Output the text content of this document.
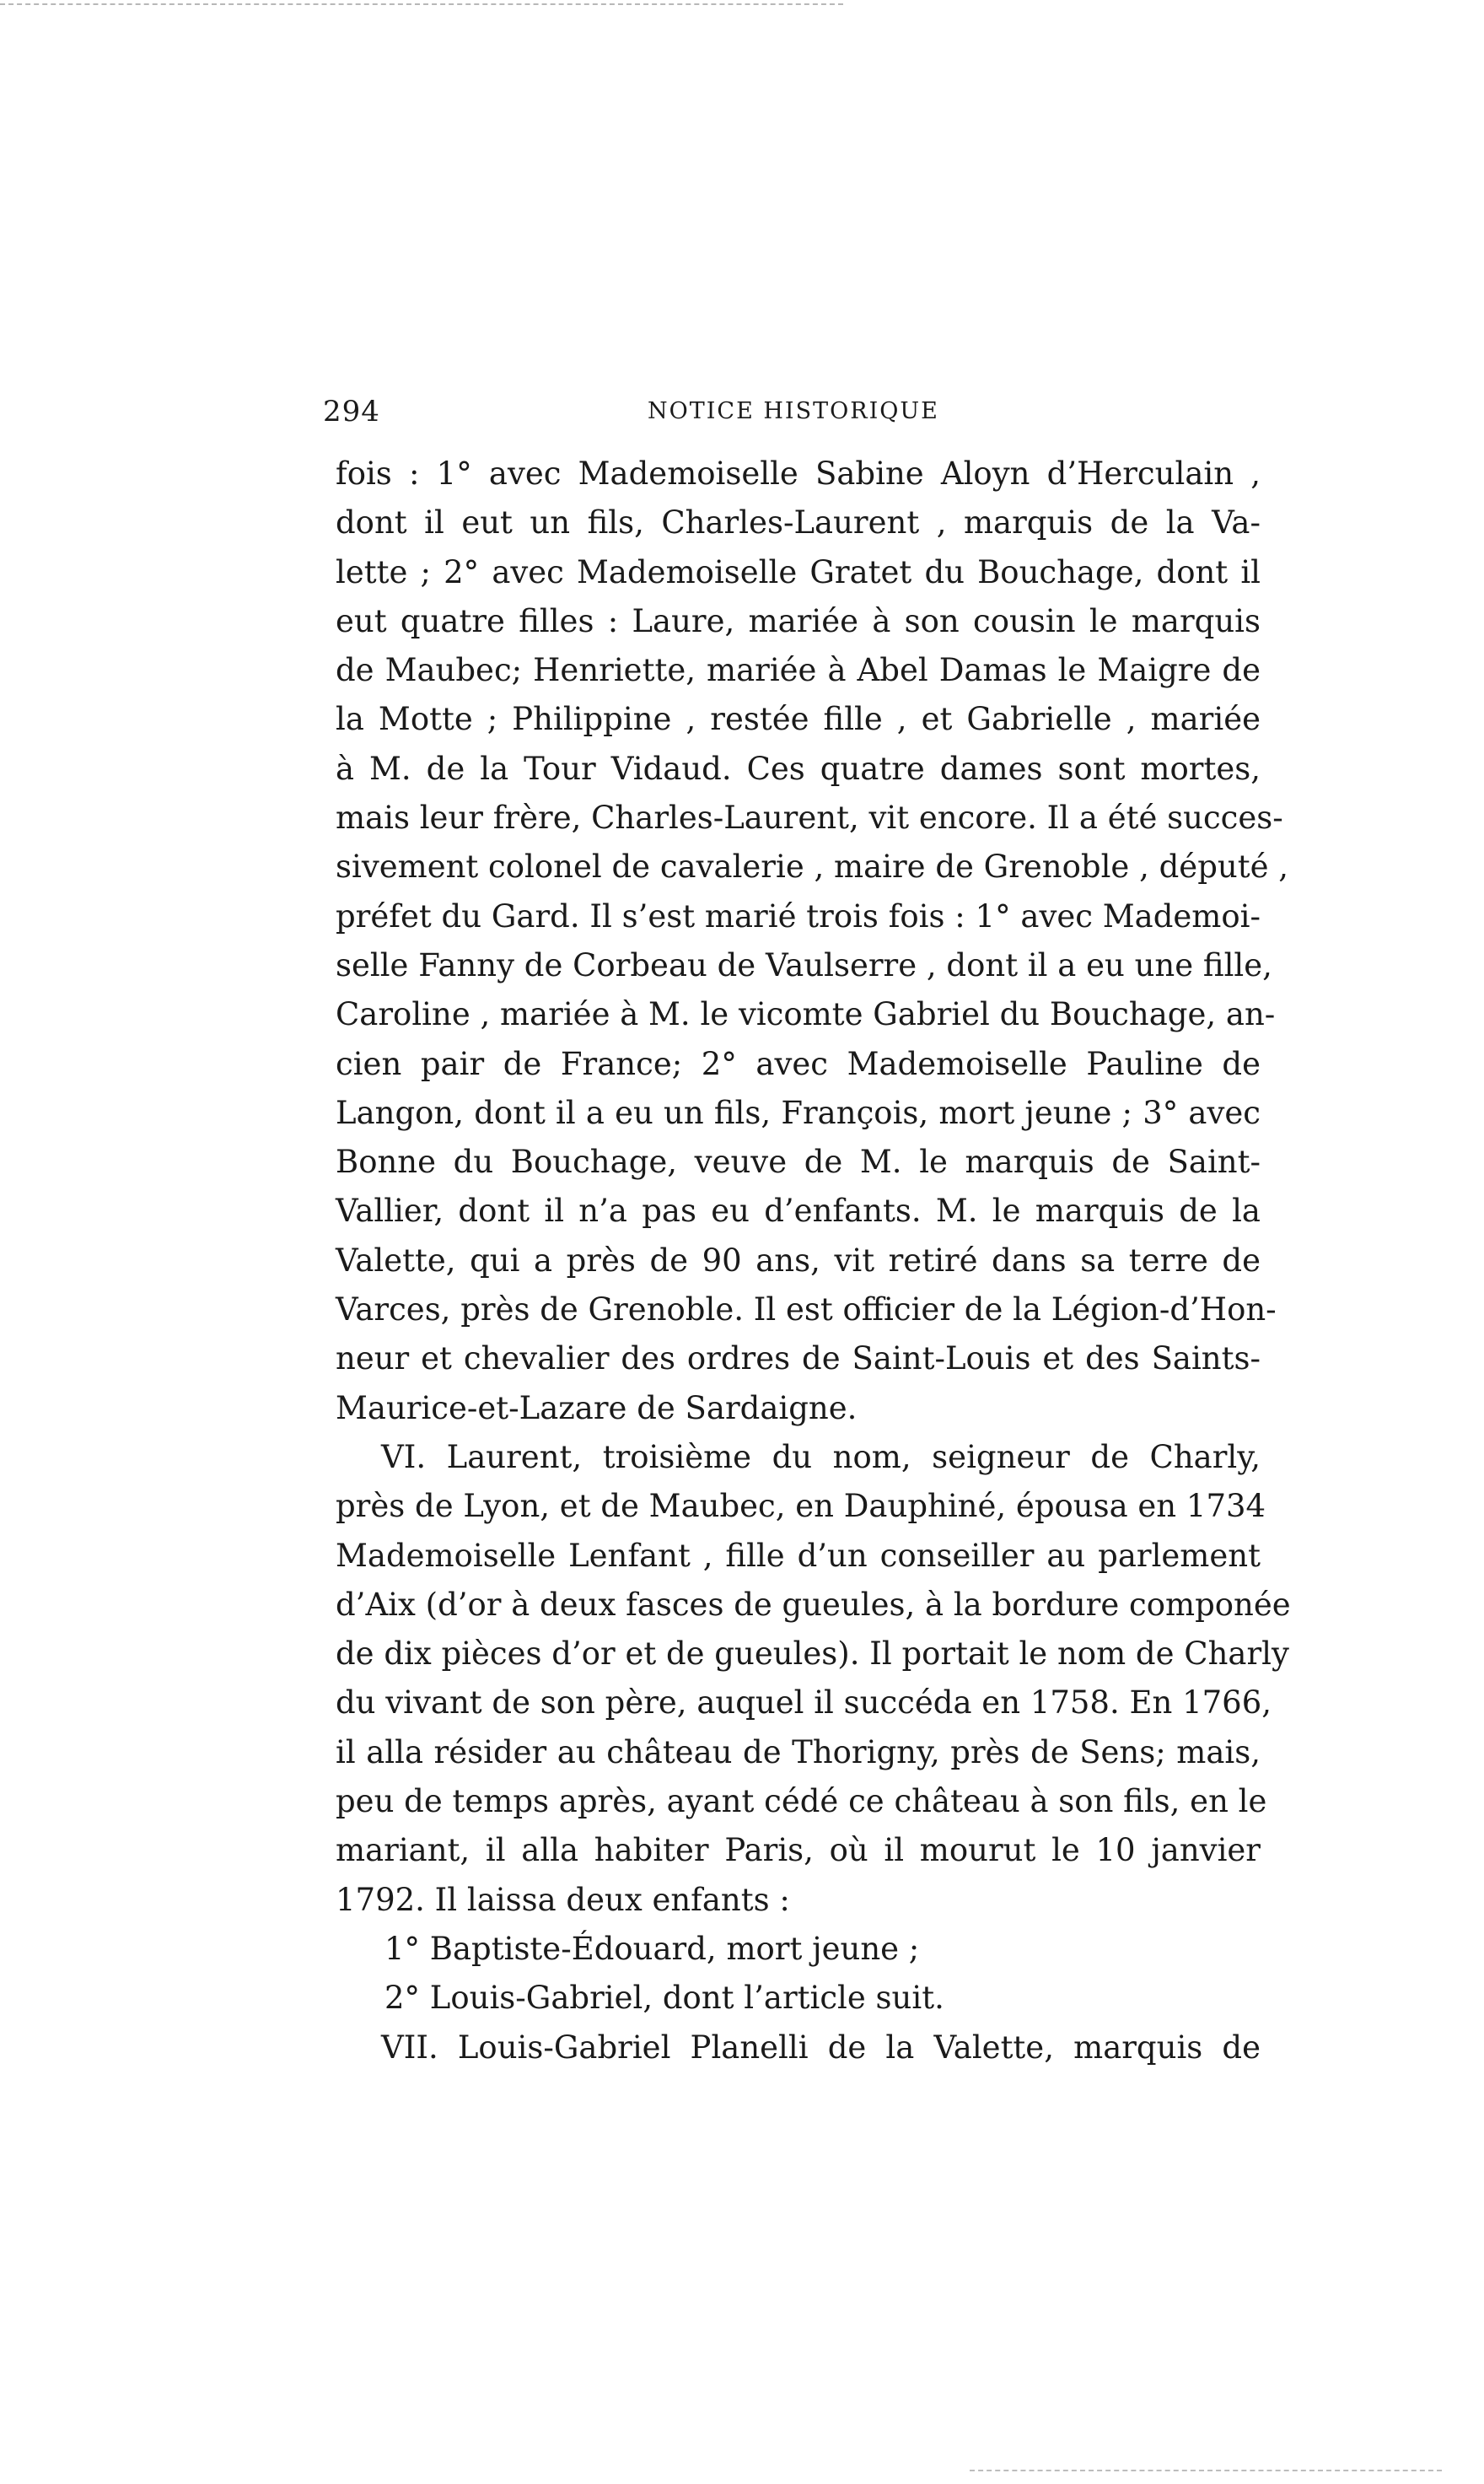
294	NOTICE HISTORIQUE
fois : 1° avec Mademoiselle Sabine Aloyn d’Herculain ,
dont il eut un fils, Charles-Laurent , marquis de la Va-
lette ; 2° avec Mademoiselle Gratet du Bouchage, dont il
eut quatre filles : Laure, mariée à son cousin le marquis
de Maubec; Henriette, mariée à Abel Damas le Maigre de
la Motte ; Philippine , restée fille , et Gabrielle , mariée
à M. de la Tour Vidaud. Ces quatre dames sont mortes,
mais leur frère, Charles-Laurent, vit encore. Il a été succes-
sivement colonel de cavalerie , maire de Grenoble , député ,
préfet du Gard. Il s’est marié trois fois : 1° avec Mademoi-
selle Fanny de Corbeau de Vaulserre , dont il a eu une fille,
Caroline , mariée à M. le vicomte Gabriel du Bouchage, an-
cien pair de France; 2° avec Mademoiselle Pauline de
Langon, dont il a eu un fils, François, mort jeune ; 3° avec
Bonne du Bouchage, veuve de M. le marquis de Saint-
Vallier, dont il n’a pas eu d’enfants. M. le marquis de la
Valette, qui a près de 90 ans, vit retiré dans sa terre de
Varces, près de Grenoble. Il est officier de la Légion-d’Hon-
neur et chevalier des ordres de Saint-Louis et des Saints-
Maurice-et-Lazare de Sardaigne.
VI. Laurent, troisième du nom, seigneur de Charly,
près de Lyon, et de Maubec, en Dauphiné, épousa en 1734
Mademoiselle Lenfant , fille d’un conseiller au parlement
d’Aix (d’or à deux fasces de gueules, à la bordure componée
de dix pièces d’or et de gueules). Il portait le nom de Charly
du vivant de son père, auquel il succéda en 1758. En 1766,
il alla résider au château de Thorigny, près de Sens; mais,
peu de temps après, ayant cédé ce château à son fils, en le
mariant, il alla habiter Paris, où il mourut le 10 janvier
1792. Il laissa deux enfants :
1° Baptiste-Édouard, mort jeune ;
2° Louis-Gabriel, dont l’article suit.
VII. Louis-Gabriel Planelli de la Valette, marquis de
